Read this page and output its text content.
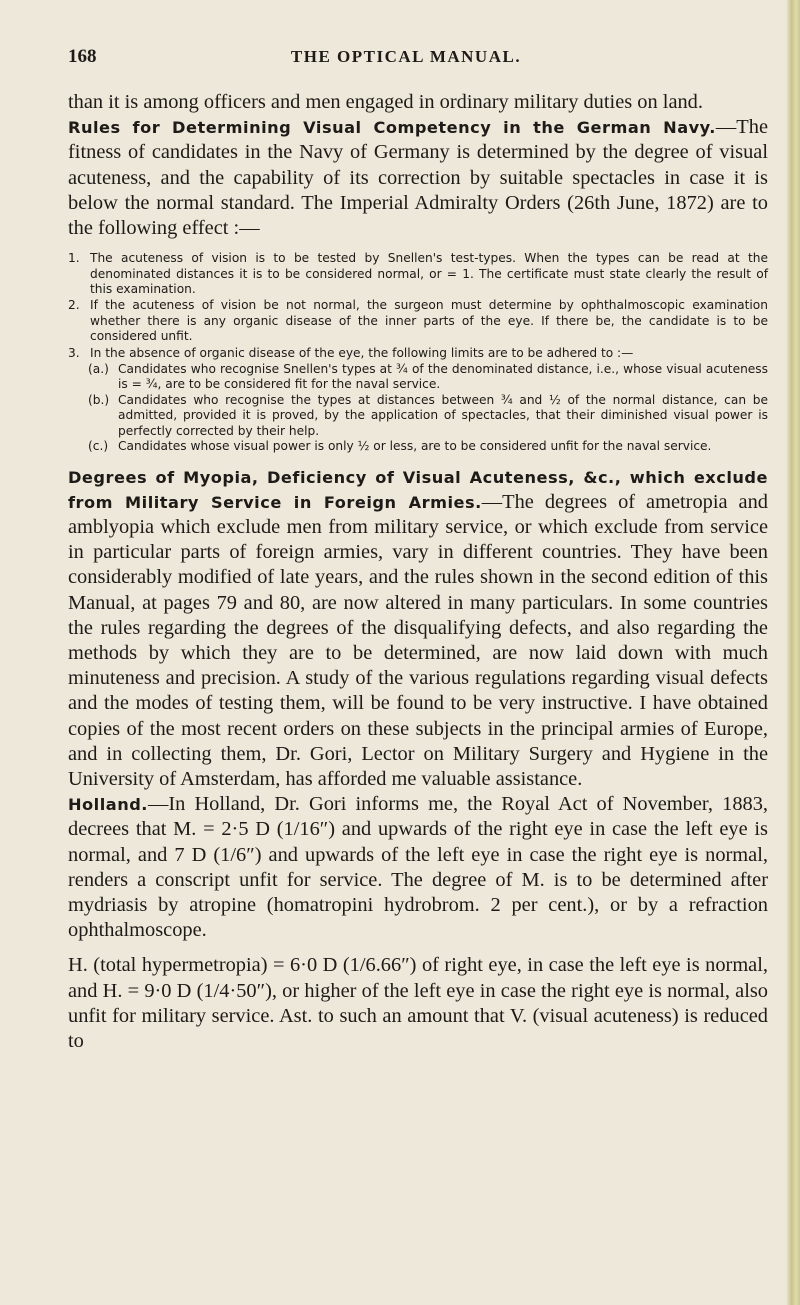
168	THE OPTICAL MANUAL.

than it is among officers and men engaged in ordinary military duties on land.

Rules for Determining Visual Competency in the German Navy.—The fitness of candidates in the Navy of Germany is determined by the degree of visual acuteness, and the capability of its correction by suitable spectacles in case it is below the normal standard. The Imperial Admiralty Orders (26th June, 1872) are to the following effect :—

1. The acuteness of vision is to be tested by Snellen's test-types. When the types can be read at the denominated distances it is to be considered normal, or = 1. The certificate must state clearly the result of this examination.
2. If the acuteness of vision be not normal, the surgeon must determine by ophthalmoscopic examination whether there is any organic disease of the inner parts of the eye. If there be, the candidate is to be considered unfit.
3. In the absence of organic disease of the eye, the following limits are to be adhered to :—
(a.) Candidates who recognise Snellen's types at ¾ of the denominated distance, i.e., whose visual acuteness is = ¾, are to be considered fit for the naval service.
(b.) Candidates who recognise the types at distances between ¾ and ½ of the normal distance, can be admitted, provided it is proved, by the application of spectacles, that their diminished visual power is perfectly corrected by their help.
(c.) Candidates whose visual power is only ½ or less, are to be considered unfit for the naval service.

Degrees of Myopia, Deficiency of Visual Acuteness, &c., which exclude from Military Service in Foreign Armies.—The degrees of ametropia and amblyopia which exclude men from military service, or which exclude from service in particular parts of foreign armies, vary in different countries. They have been considerably modified of late years, and the rules shown in the second edition of this Manual, at pages 79 and 80, are now altered in many particulars. In some countries the rules regarding the degrees of the disqualifying defects, and also regarding the methods by which they are to be determined, are now laid down with much minuteness and precision. A study of the various regulations regarding visual defects and the modes of testing them, will be found to be very instructive. I have obtained copies of the most recent orders on these subjects in the principal armies of Europe, and in collecting them, Dr. Gori, Lector on Military Surgery and Hygiene in the University of Amsterdam, has afforded me valuable assistance.

Holland.—In Holland, Dr. Gori informs me, the Royal Act of November, 1883, decrees that M. = 2·5 D (1/16″) and upwards of the right eye in case the left eye is normal, and 7 D (1/6″) and upwards of the left eye in case the right eye is normal, renders a conscript unfit for service. The degree of M. is to be determined after mydriasis by atropine (homatropini hydrobrom. 2 per cent.), or by a refraction ophthalmoscope.

H. (total hypermetropia) = 6·0 D (1/6.66″) of right eye, in case the left eye is normal, and H. = 9·0 D (1/4·50″), or higher of the left eye in case the right eye is normal, also unfit for military service. Ast. to such an amount that V. (visual acuteness) is reduced to
